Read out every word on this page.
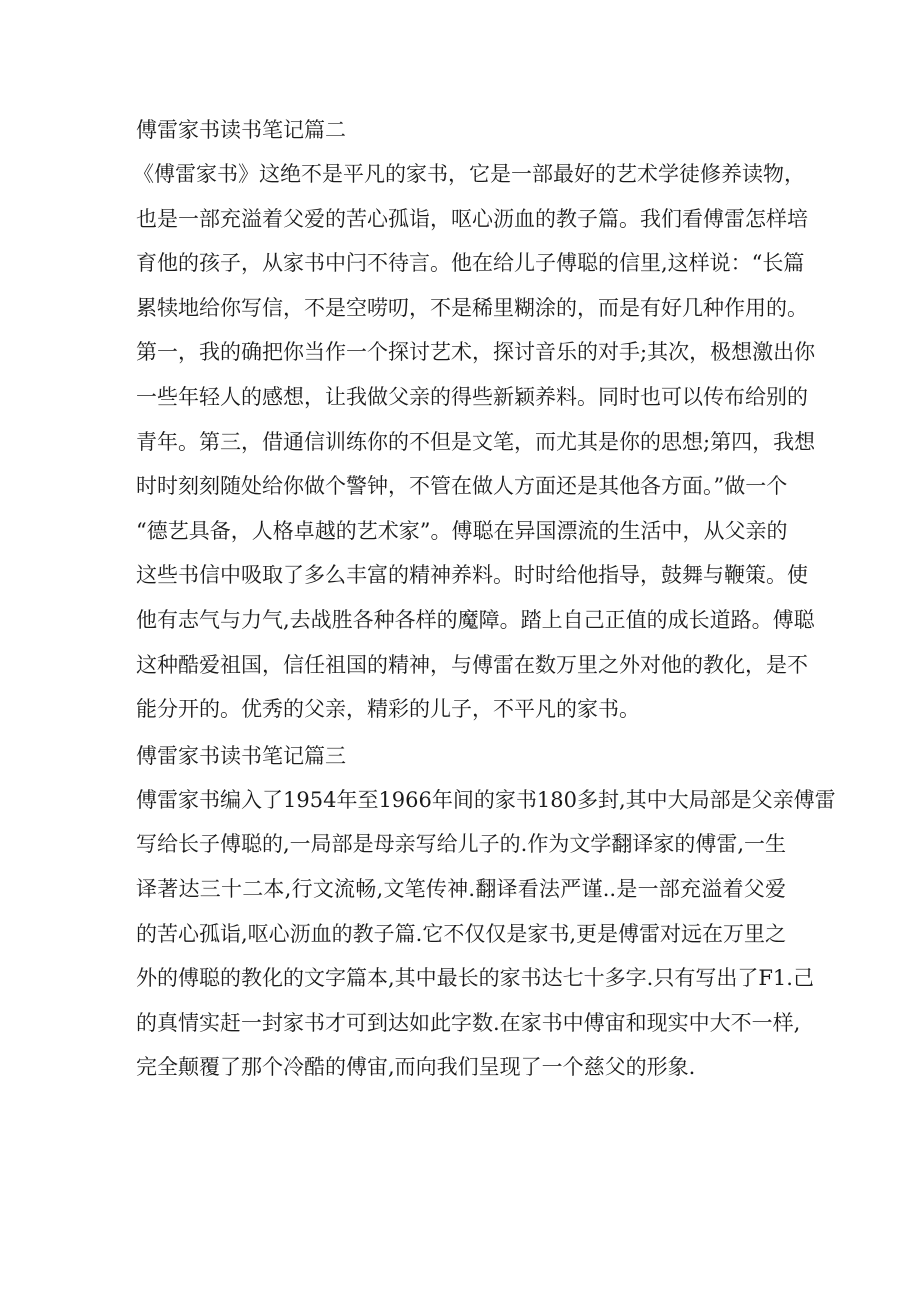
傅雷家书读书笔记篇二
《傅雷家书》这绝不是平凡的家书，它是一部最好的艺术学徒修养读物，
也是一部充溢着父爱的苦心孤诣，呕心沥血的教子篇。我们看傅雷怎样培
育他的孩子，从家书中闩不待言。他在给儿子傅聪的信里,这样说：“长篇
累犊地给你写信，不是空唠叨，不是稀里糊涂的，而是有好几种作用的。
第一，我的确把你当作一个探讨艺术，探讨音乐的对手;其次，极想激出你
一些年轻人的感想，让我做父亲的得些新颖养料。同时也可以传布给别的
青年。第三，借通信训练你的不但是文笔，而尤其是你的思想;第四，我想
时时刻刻随处给你做个警钟，不管在做人方面还是其他各方面。”做一个
“德艺具备，人格卓越的艺术家”。傅聪在异国漂流的生活中，从父亲的
这些书信中吸取了多么丰富的精神养料。时时给他指导，鼓舞与鞭策。使
他有志气与力气,去战胜各种各样的魔障。踏上自己正值的成长道路。傅聪
这种酷爱祖国，信任祖国的精神，与傅雷在数万里之外对他的教化，是不
能分开的。优秀的父亲，精彩的儿子，不平凡的家书。
傅雷家书读书笔记篇三
傅雷家书编入了1954年至1966年间的家书180多封,其中大局部是父亲傅雷
写给长子傅聪的,一局部是母亲写给儿子的.作为文学翻译家的傅雷,一生
译著达三十二本,行文流畅,文笔传神.翻译看法严谨..是一部充溢着父爱
的苦心孤诣,呕心沥血的教子篇.它不仅仅是家书,更是傅雷对远在万里之
外的傅聪的教化的文字篇本,其中最长的家书达七十多字.只有写出了F1.己
的真情实赶一封家书才可到达如此字数.在家书中傅宙和现实中大不一样,
完全颠覆了那个冷酷的傅宙,而向我们呈现了一个慈父的形象.
